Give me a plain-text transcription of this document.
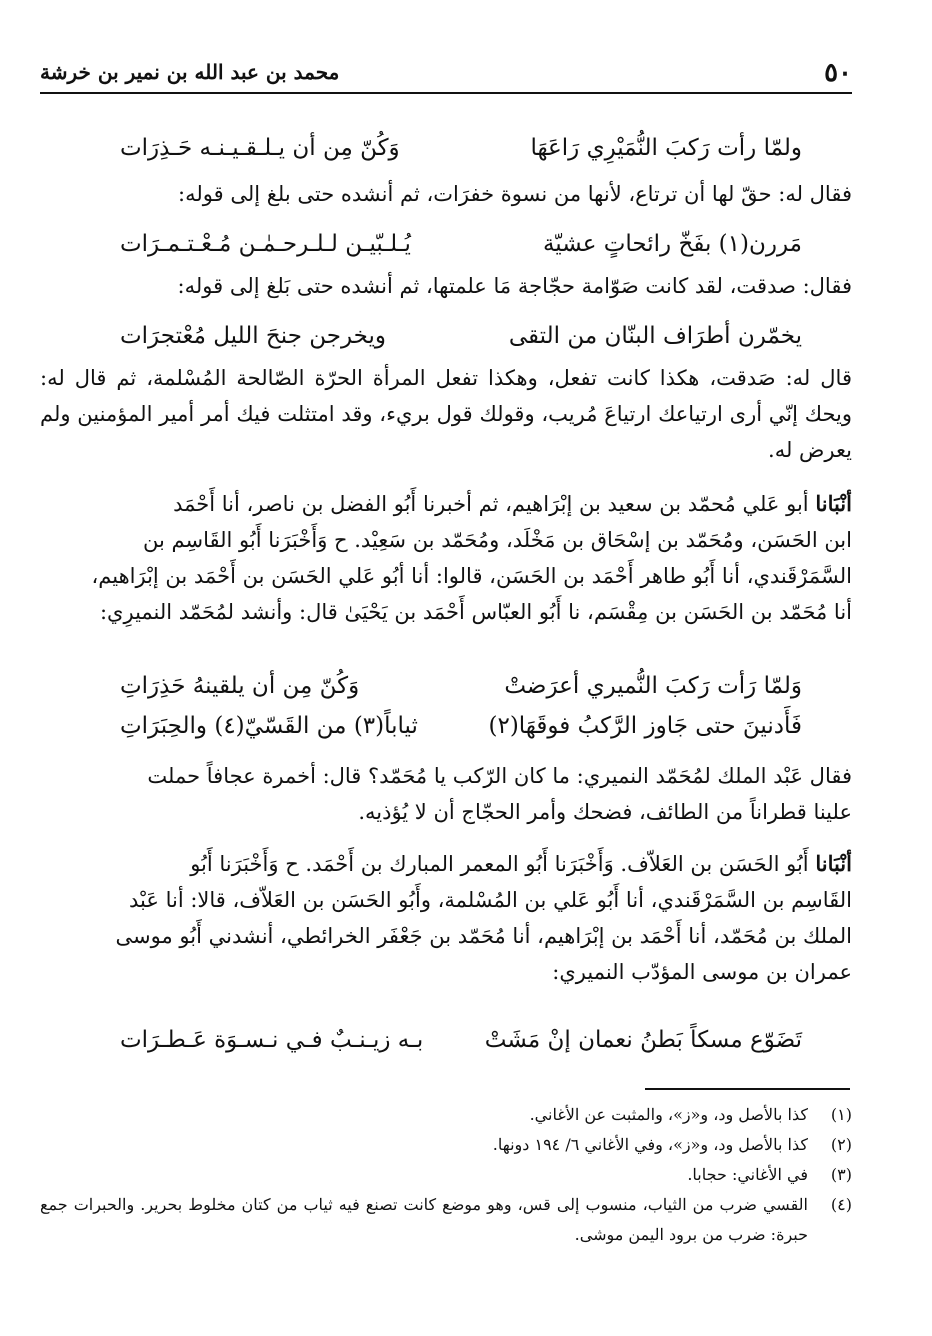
٥٠
محمد بن عبد الله بن نمير بن خرشة
ولمّا رأت رَكبَ النُّمَيْرِي رَاعَهَا
وَكُنّ مِن أن يـلـقـيـنـه حَـذِرَات
فقال له: حقّ لها أن ترتاع، لأنها من نسوة خفرَات، ثم أنشده حتى بلغ إلى قوله:
مَررن(١) بفَخّ رائحاتٍ عشيّة
يُـلـبّيـن لـلـرحـمٰـن مُـعْـتـمـرَات
فقال: صدقت، لقد كانت صَوّامة حجّاجة مَا علمتها، ثم أنشده حتى بَلغ إلى قوله:
يخمّرن أطرَاف البنّان من التقى
ويخرجن جنحَ الليل مُعْتجرَات
قال له: صَدقت، هكذا كانت تفعل، وهكذا تفعل المرأة الحرّة الصّالحة المُسْلمة، ثم قال له: ويحك إنّي أرى ارتياعك ارتياعَ مُريب، وقولك قول بريء، وقد امتثلت فيك أمر أمير المؤمنين ولم يعرض له.
أنْبَانا أبو عَلي مُحمّد بن سعيد بن إبْرَاهيم، ثم أخبرنا أَبُو الفضل بن ناصر، أنا أَحْمَد
ابن الحَسَن، ومُحَمّد بن إسْحَاق بن مَخْلَد، ومُحَمّد بن سَعِيْد. ح وَأَخْبَرَنا أَبُو القَاسِم بن
السَّمَرْقَندي، أنا أَبُو طاهر أَحْمَد بن الحَسَن، قالوا: أنا أبُو عَلي الحَسَن بن أَحْمَد بن إبْرَاهيم،
أنا مُحَمّد بن الحَسَن بن مِقْسَم، نا أَبُو العبّاس أَحْمَد بن يَحْيَىٰ قال: وأنشد لمُحَمّد النميرِي:
وَلمّا رَأت رَكبَ النُّميري أعرَضتْ
وَكُنّ مِن أن يلقينهُ حَذِرَاتِ
فَأَدنينَ حتى جَاوز الرَّكبُ فوقَهَا(٢)
ثياباً(٣) من القَسّيّ(٤) والحِبَرَاتِ
فقال عَبْد الملك لمُحَمّد النميري: ما كان الرّكب يا مُحَمّد؟ قال: أخمرة عجافاً حملت
علينا قطراناً من الطائف، فضحك وأمر الحجّاج أن لا يُؤذيه.
أنْبَانا أَبُو الحَسَن بن العَلاّف. وَأَخْبَرَنا أَبُو المعمر المبارك بن أَحْمَد. ح وَأَخْبَرَنا أَبُو
القَاسِم بن السَّمَرْقَندي، أنا أَبُو عَلي بن المُسْلمة، وأَبُو الحَسَن بن العَلاّف، قالا: أنا عَبْد
الملك بن مُحَمّد، أنا أَحْمَد بن إبْرَاهيم، أنا مُحَمّد بن جَعْفَر الخرائطي، أنشدني أَبُو موسى
عمران بن موسى المؤدّب النميري:
تَضَوّع مسكاً بَطنُ نعمان إنْ مَشَتْ
بـه زيـنـبٌ فـي نـسـوَة عَـطـرَات
(١)
كذا بالأصل ود، و«ز»، والمثبت عن الأغاني.
(٢)
كذا بالأصل ود، و«ز»، وفي الأغاني ٦/ ١٩٤ دونها.
(٣)
في الأغاني: حجابا.
(٤)
القسي ضرب من الثياب، منسوب إلى قس، وهو موضع كانت تصنع فيه ثياب من كتان مخلوط بحرير. والحبرات جمع حبرة: ضرب من برود اليمن موشى.
